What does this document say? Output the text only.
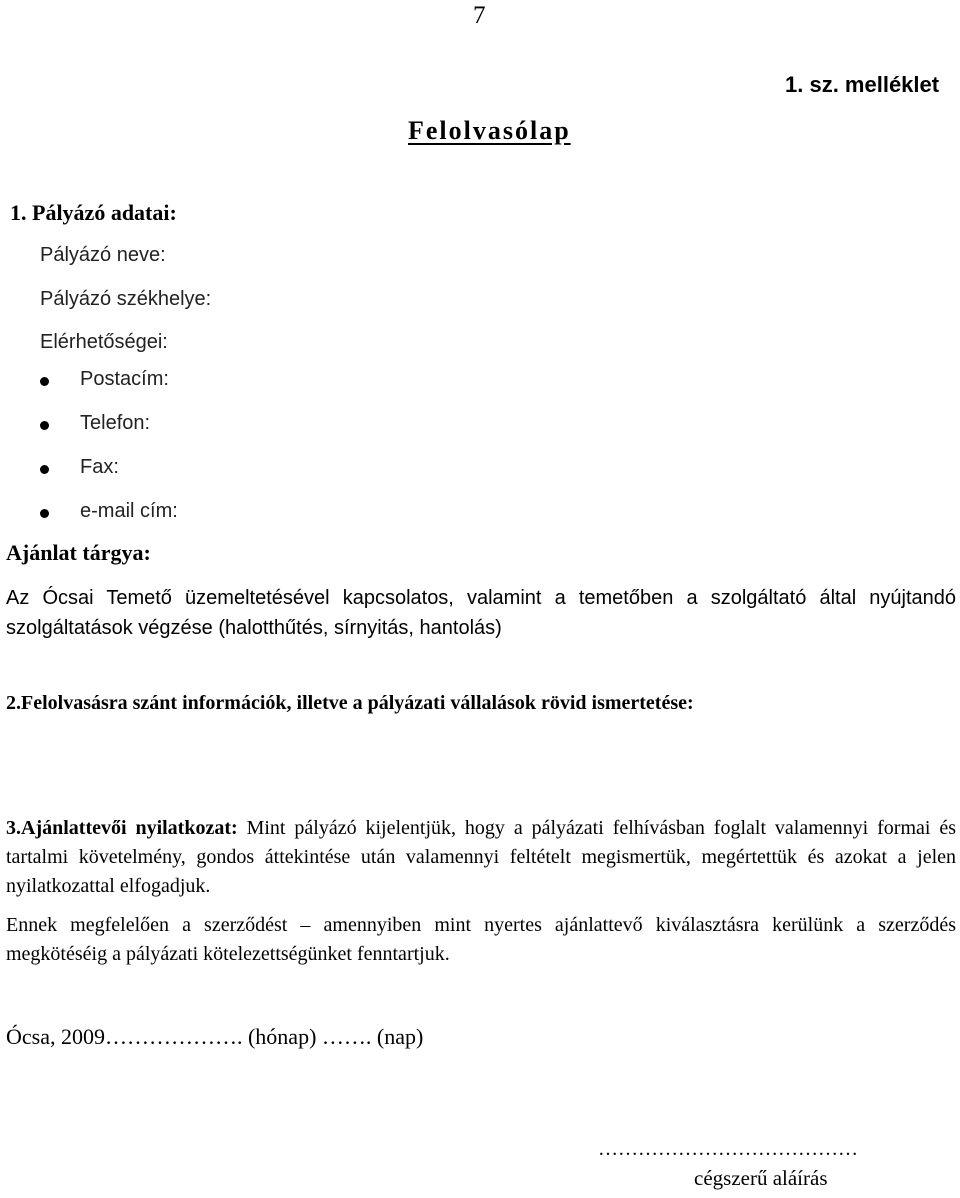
7
1. sz. melléklet
Felolvasólap
1. Pályázó adatai:
Pályázó neve:
Pályázó székhelye:
Elérhetőségei:
Postacím:
Telefon:
Fax:
e-mail cím:
Ajánlat tárgya:
Az Ócsai Temető üzemeltetésével kapcsolatos, valamint a temetőben a szolgáltató által nyújtandó szolgáltatások végzése (halotthűtés, sírnyitás, hantolás)
2.Felolvasásra szánt információk, illetve a pályázati vállalások rövid ismertetése:
3.Ajánlattevői nyilatkozat: Mint pályázó kijelentjük, hogy a pályázati felhívásban foglalt valamennyi formai és tartalmi követelmény, gondos áttekintése után valamennyi feltételt megismertük, megértettük és azokat a jelen nyilatkozattal elfogadjuk.
Ennek megfelelően a szerződést – amennyiben mint nyertes ajánlattevő kiválasztásra kerülünk a szerződés megkötéséig a pályázati kötelezettségünket fenntartjuk.
Ócsa, 2009………………. (hónap) ……. (nap)
…………………………………
cégszerű aláírás
